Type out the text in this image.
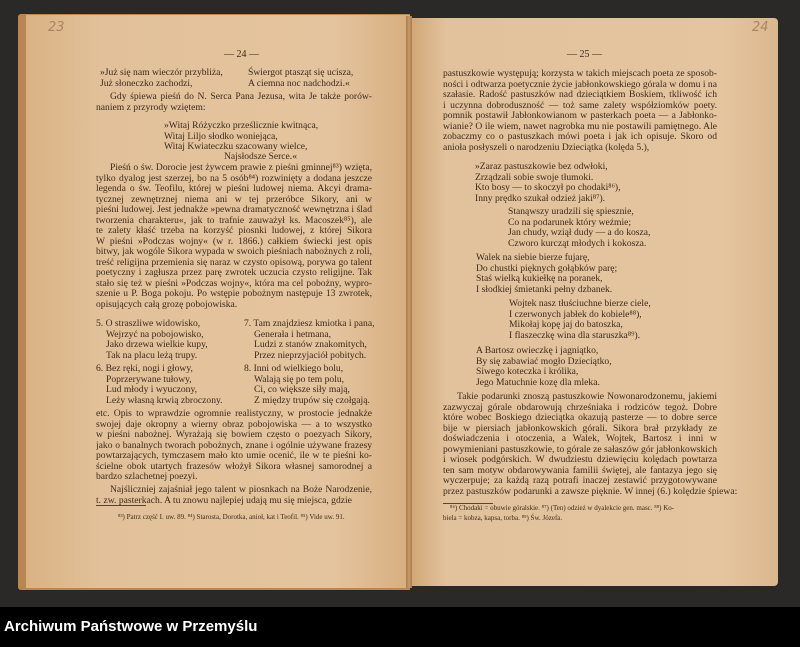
23	24
— 24 —	— 25 —
»Już się nam wieczór przybliża,
Już słoneczko zachodzi,
Świergot ptasząt się ucisza,
A ciemna noc nadchodzi.«
Gdy śpiewa pieśń do N. Serca Pana Jezusa, wita Je także porów-
naniem z przyrody wziętem:
»Witaj Różyczko prześlicznie kwitnąca,
Witaj Liljo słodko woniejąca,
Witaj Kwiateczku szacowany wielce,
Pieśń o św. Dorocie jest żywcem prawie z pieśni gminnej⁸³) wzięta,
tylko dyalog jest szerzej, bo na 5 osób⁸⁴) rozwinięty a dodana jeszcze
legenda o św. Teofilu, której w pieśni ludowej niema. Akcyi drama-
tycznej zewnętrznej niema ani w tej przeróbce Sikory, ani w
pieśni ludowej. Jest jednakże »pewna dramatyczność wewnętrzna i ślad
tworzenia charakteru«, jak to trafnie zauważył ks. Macoszek⁸⁵), ale
te zalety kłaść trzeba na korzyść piosnki ludowej, z której Sikora
W pieśni »Podczas wojny« (w r. 1866.) całkiem świecki jest opis
bitwy, jak wogóle Sikora wypada w swoich pieśniach nabożnych z roli,
treść religijna przemienia się naraz w czysto opisową, porywa go talent
poetyczny i zagłusza przez parę zwrotek uczucia czysto religijne. Tak
stało się też w pieśni »Podczas wojny«, która ma cel pobożny, wypro-
szenie u P. Boga pokoju. Po wstępie pobożnym następuje 13 zwrotek,
opisujących całą grozę pobojowiska.
5. O straszliwe widowisko,
Wejrzyć na pobojowisko,
Jako drzewa wielkie kupy,
Tak na placu leżą trupy.
7. Tam znajdziesz kmiotka i pana,
Generała i hetmana,
Ludzi z stanów znakomitych,
Przez nieprzyjaciół pobitych.
6. Bez ręki, nogi i głowy,
Poprzerywane tułowy,
Lud młody i wyuczony,
Leży własną krwią zbroczony.
8. Inni od wielkiego bolu,
Walają się po tem polu,
Ci, co większe siły mają,
Z między trupów się czołgają.
etc. Opis to wprawdzie ogromnie realistyczny, w prostocie jednakże
swojej daje okropny a wierny obraz pobojowiska — a to wszystko
w pieśni nabożnej. Wyrażają się bowiem często o poezyach Sikory,
jako o banalnych tworach pobożnych, znane i ogólnie używane frazesy
powtarzających, tymczasem mało kto umie ocenić, ile w te pieśni ko-
ścielne obok utartych frazesów włożył Sikora własnej samorodnej a
bardzo szlachetnej poezyi.
Najśliczniej zajaśniał jego talent w piosnkach na Boże Narodzenie,
t. zw. pasterkach. A tu znowu najlepiej udają mu się miejsca, gdzie
pastuszkowie występują; korzysta w takich miejscach poeta ze sposob-
ności i odtwarza poetycznie życie jabłonkowskiego górala w domu i na
szałasie. Radość pastuszków nad dzieciątkiem Boskiem, tkliwość ich
i uczynna dobroduszność — toż same zalety współziomków poety.
pomnik postawił Jabłonkowianom w pasterkach poeta — a Jabłonko-
wianie? O ile wiem, nawet nagrobka mu nie postawili pamiętnego. Ale
zobaczmy co o pastuszkach mówi poeta i jak ich opisuje. Skoro od
anioła posłyszeli o narodzeniu Dzieciątka (kolęda 5.),
»Zaraz pastuszkowie bez odwłoki,
Zrządzali sobie swoje tłumoki.
Kto bosy — to skoczył po chodaki⁸⁶),
Inny prędko szukał odzież jaki⁸⁷).
Stanąwszy uradzili się spiesznie,
Co na podarunek który weźmie;
Jan chudy, wziął dudy — a do kosza,
Czworo kurcząt młodych i kokosza.
Walek na siebie bierze fujarę,
Do chustki pięknych gołąbków parę;
Staś wielką kukiełkę na poranek,
I słodkiej śmietanki pełny dzbanek.
Wojtek nasz tłuściuchne bierze ciele,
I czerwonych jabłek do kobiele⁸⁸),
Mikołaj kopę jaj do batoszka,
I flaszeczkę wina dla staruszka⁸⁹).
A Bartosz owieczkę i jagniątko,
By się zabawiać mogło Dzieciątko,
Siwego koteczka i królika,
Jego Matuchnie kozę dla mleka.
Takie podarunki znoszą pastuszkowie Nowonarodzonemu, jakiemi
zazwyczaj górale obdarowują chrześniaka i rodziców tegoż. Dobre
które wobec Boskiego dzieciątka okazują pasterze — to dobre serce
bije w piersiach jabłonkowskich górali. Sikora brał przykłady ze
doświadczenia i otoczenia, a Walek, Wojtek, Bartosz i inni w
powymieniani pastuszkowie, to górale ze sałaszów gór jabłonkowskich
i wiosek podgórskich. W dwudziestu dziewięciu kolędach powtarza
ten sam motyw obdarowywania familii świętej, ale fantazya jego się
wyczerpuje; za każdą razą potrafi inaczej zestawić przygotowywane
przez pastuszków podarunki a zawsze pięknie. W innej (6.) kolędzie śpiewa:
Najsłodsze Serce.«
⁸³) Patrz część I. uw. 89. ⁸⁴) Starosta, Dorotka, anioł, kat i Teofil. ⁸⁵) Vide uw. 91.
⁸⁶) Chodaki = obuwie góralskie. ⁸⁷) (Ten) odzież w dyalekcie gen. masc. ⁸⁸) Ko-
biela = kobza, kapsa, torba. ⁸⁹) Św. Józefa.
Archiwum Państwowe w Przemyślu
